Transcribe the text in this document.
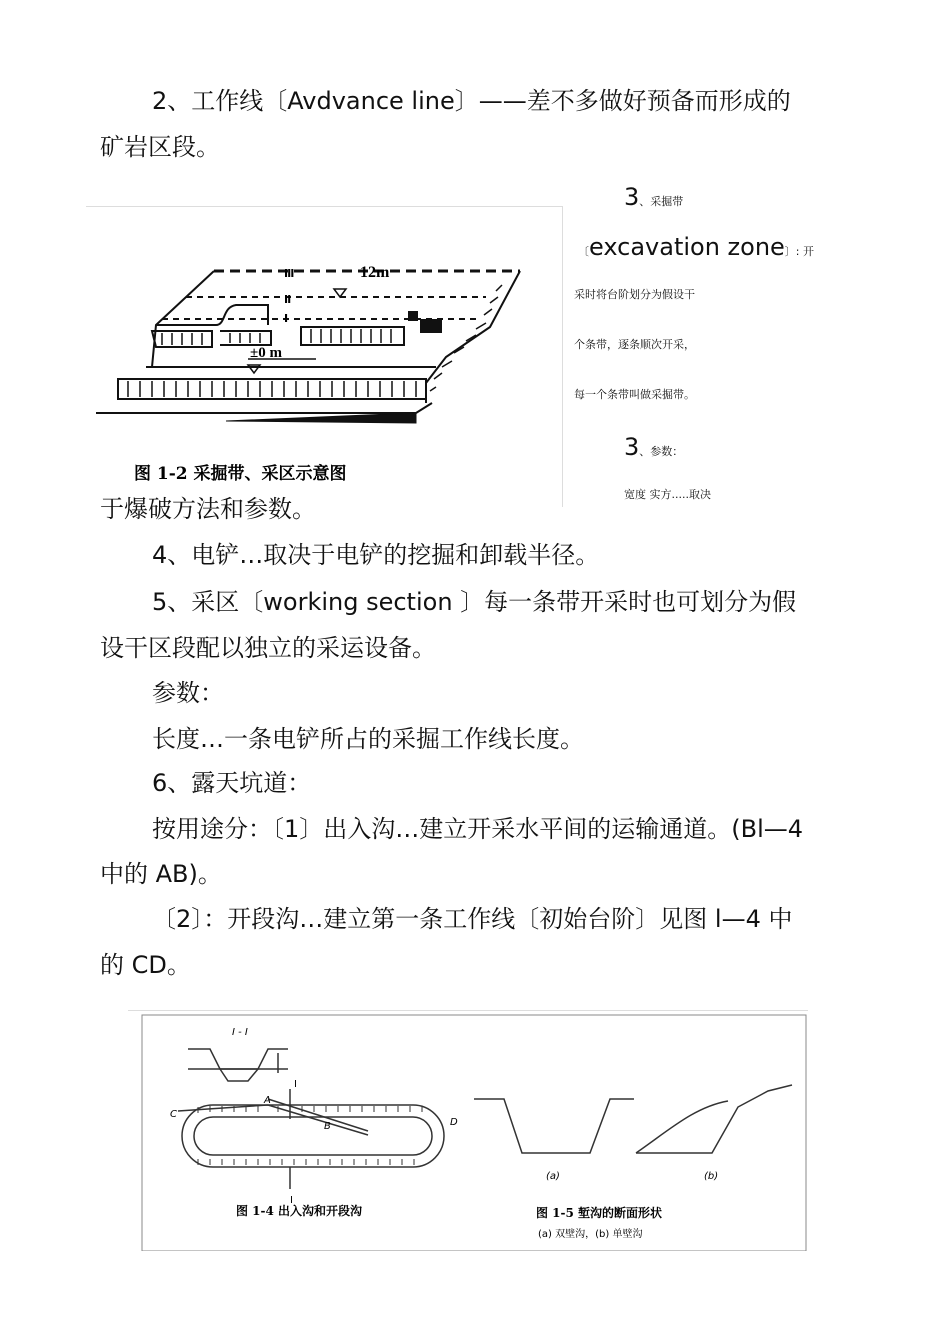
2、工作线〔Avdvance line〕——差不多做好预备而形成的
矿岩区段。
12m
±0 m
Ⅲ
Ⅱ
Ⅰ
图 1-2 采掘带、采区示意图
3、采掘带
〔excavation zone〕: 开
采时将台阶划分为假设干
个条带，逐条顺次开采，
每一个条带叫做采掘带。
3、参数：
宽度 实方.....取决
于爆破方法和参数。
4、电铲…取决于电铲的挖掘和卸载半径。
5、采区〔working section 〕每一条带开采时也可划分为假
设干区段配以独立的采运设备。
参数：
长度…一条电铲所占的采掘工作线长度。
6、露天坑道：
按用途分：〔1〕出入沟…建立开采水平间的运输通道。(Bl—4
中的 AB)。
〔2〕：开段沟…建立第一条工作线〔初始台阶〕见图 l—4 中
的 CD。
I - I
I
I
A
B
C
D
(a)	(b)
图 1-4 出入沟和开段沟	图 1-5 堑沟的断面形状
(a) 双壁沟，(b) 单壁沟
